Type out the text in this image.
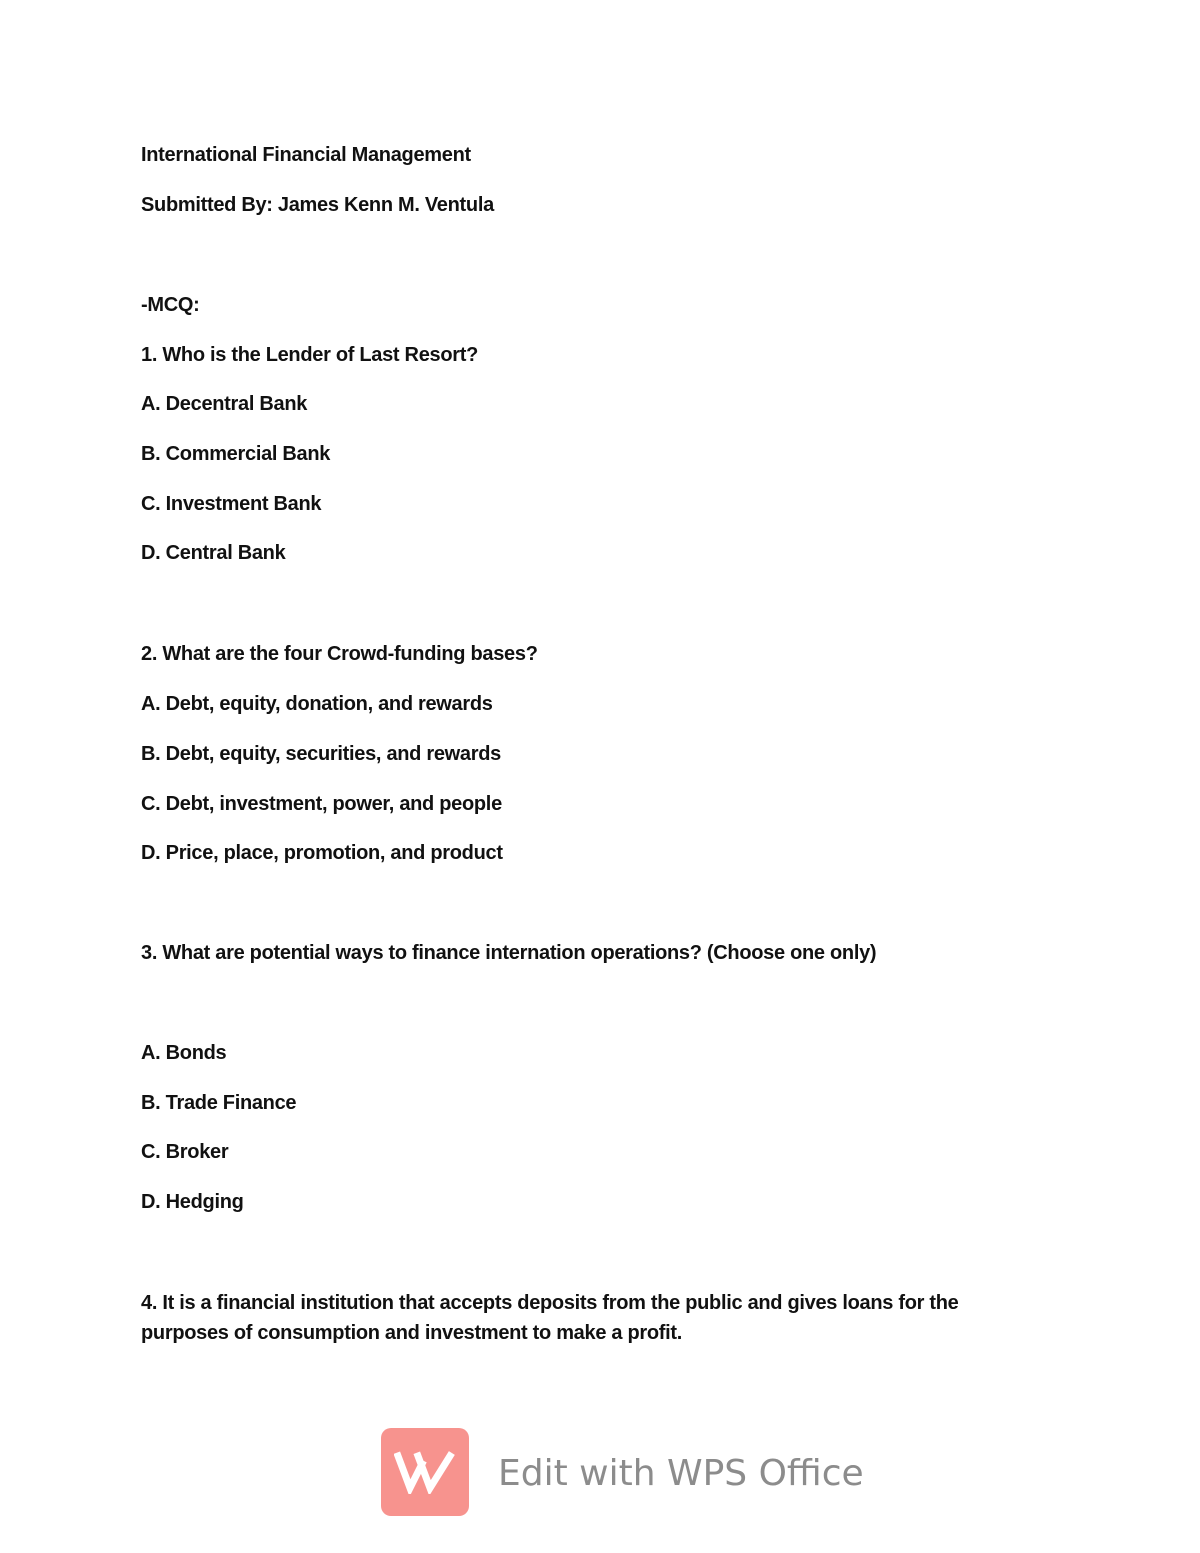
International Financial Management
Submitted By: James Kenn M. Ventula
-MCQ:
1. Who is the Lender of Last Resort?
A. Decentral Bank
B. Commercial Bank
C. Investment Bank
D. Central Bank
2. What are the four Crowd-funding bases?
A. Debt, equity, donation, and rewards
B. Debt, equity, securities, and rewards
C. Debt, investment, power, and people
D. Price, place, promotion, and product
3. What are potential ways to finance internation operations? (Choose one only)
A. Bonds
B. Trade Finance
C. Broker
D. Hedging
4. It is a financial institution that accepts deposits from the public and gives loans for the purposes of consumption and investment to make a profit.
Edit with WPS Office
